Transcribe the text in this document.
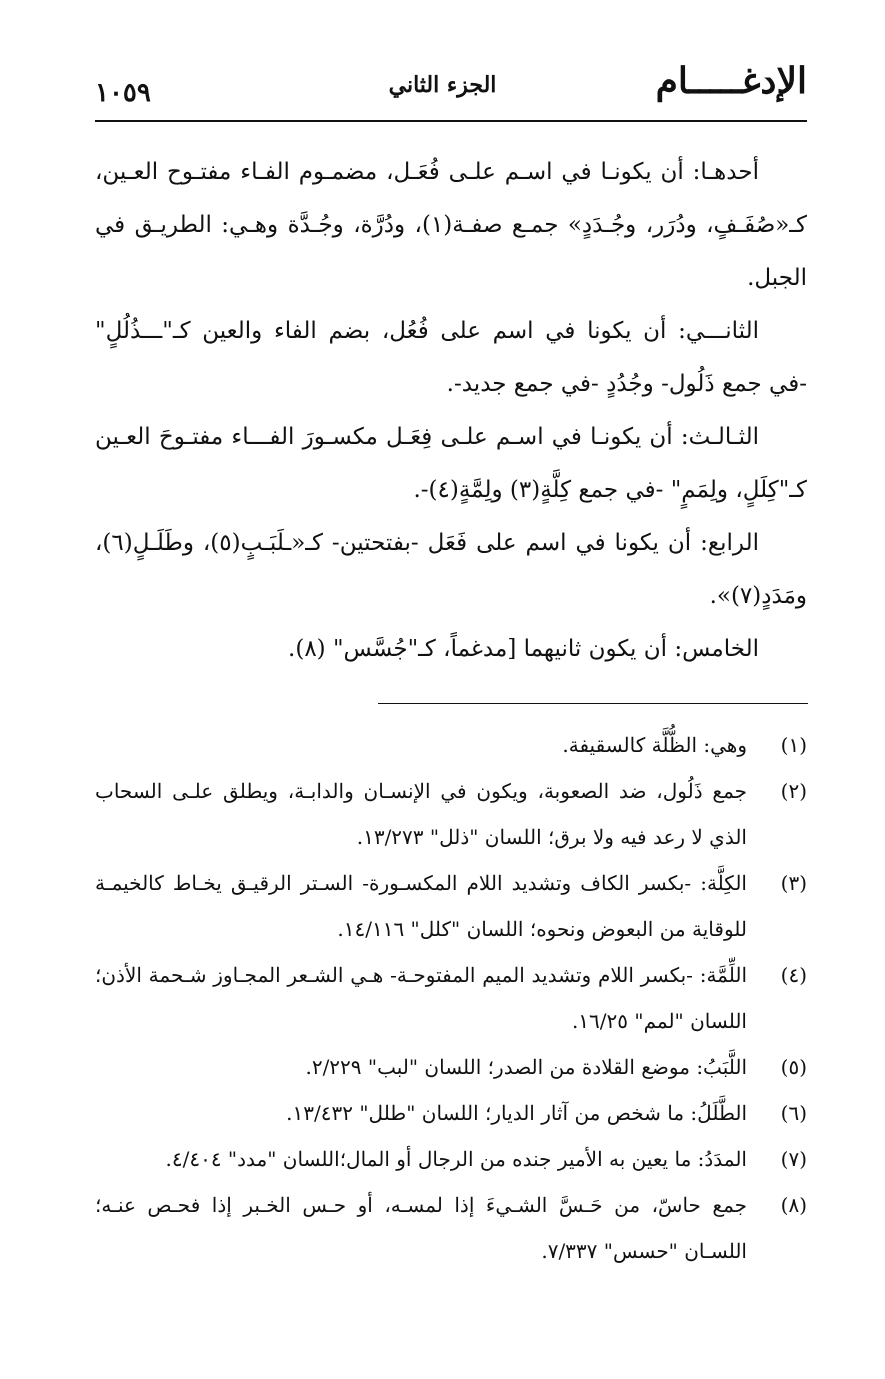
الإدغـــــام
الجزء الثاني
١٠٥٩

أحدهـا: أن يكونـا في اسـم علـى فُعَـل، مضمـوم الفـاء مفتـوح العـين، كـ«صُفَـفٍ، ودُرَر، وجُـدَدٍ» جمـع صفـة(١)، ودُرَّة، وجُـدَّة وهـي: الطريـق في الجبل.

الثانـــي: أن يكونا في اسم على فُعُل، بضم الفاء والعين كـ"ـــذُلُلٍ" -في جمع ذَلُول- وجُدُدٍ -في جمع جديد-.

الثـالـث: أن يكونـا في اسـم علـى فِعَـل مكسـورَ الفـــاء مفتـوحَ العـين كـ"كِلَلٍ، ولِمَمٍ" -في جمع كِلَّةٍ(٣) ولِمَّةٍ(٤)-.

الرابع: أن يكونا في اسم على فَعَل -بفتحتين- كـ«ـلَبَـبٍ(٥)، وطَلَـلٍ(٦)، ومَدَدٍ(٧)».

الخامس: أن يكون ثانيهما [مدغماً، كـ"جُسَّس" (٨).

(١)
وهي: الظُّلَّة كالسقيفة.
(٢)
جمع ذَلُول، ضد الصعوبة، ويكون في الإنسـان والدابـة، ويطلق علـى السحاب الذي لا رعد فيه ولا برق؛ اللسان "ذلل" ١٣/٢٧٣.
(٣)
الكِلَّة: -بكسر الكاف وتشديد اللام المكسـورة- السـتر الرقيـق يخـاط كالخيمـة للوقاية من البعوض ونحوه؛ اللسان "كلل" ١٤/١١٦.
(٤)
اللِّمَّة: -بكسر اللام وتشديد الميم المفتوحـة- هـي الشـعر المجـاوز شـحمة الأذن؛ اللسان "لمم" ١٦/٢٥.
(٥)
اللَّبَبُ: موضع القلادة من الصدر؛ اللسان "لبب" ٢/٢٢٩.
(٦)
الطَّلَلُ: ما شخص من آثار الديار؛ اللسان "طلل" ١٣/٤٣٢.
(٧)
المدَدُ: ما يعين به الأمير جنده من الرجال أو المال؛اللسان "مدد" ٤/٤٠٤.
(٨)
جمع حاسّ، من حَـسَّ الشـيءَ إذا لمسـه، أو حـس الخـبر إذا فحـص عنـه؛ اللسـان "حسس" ٧/٣٣٧.
